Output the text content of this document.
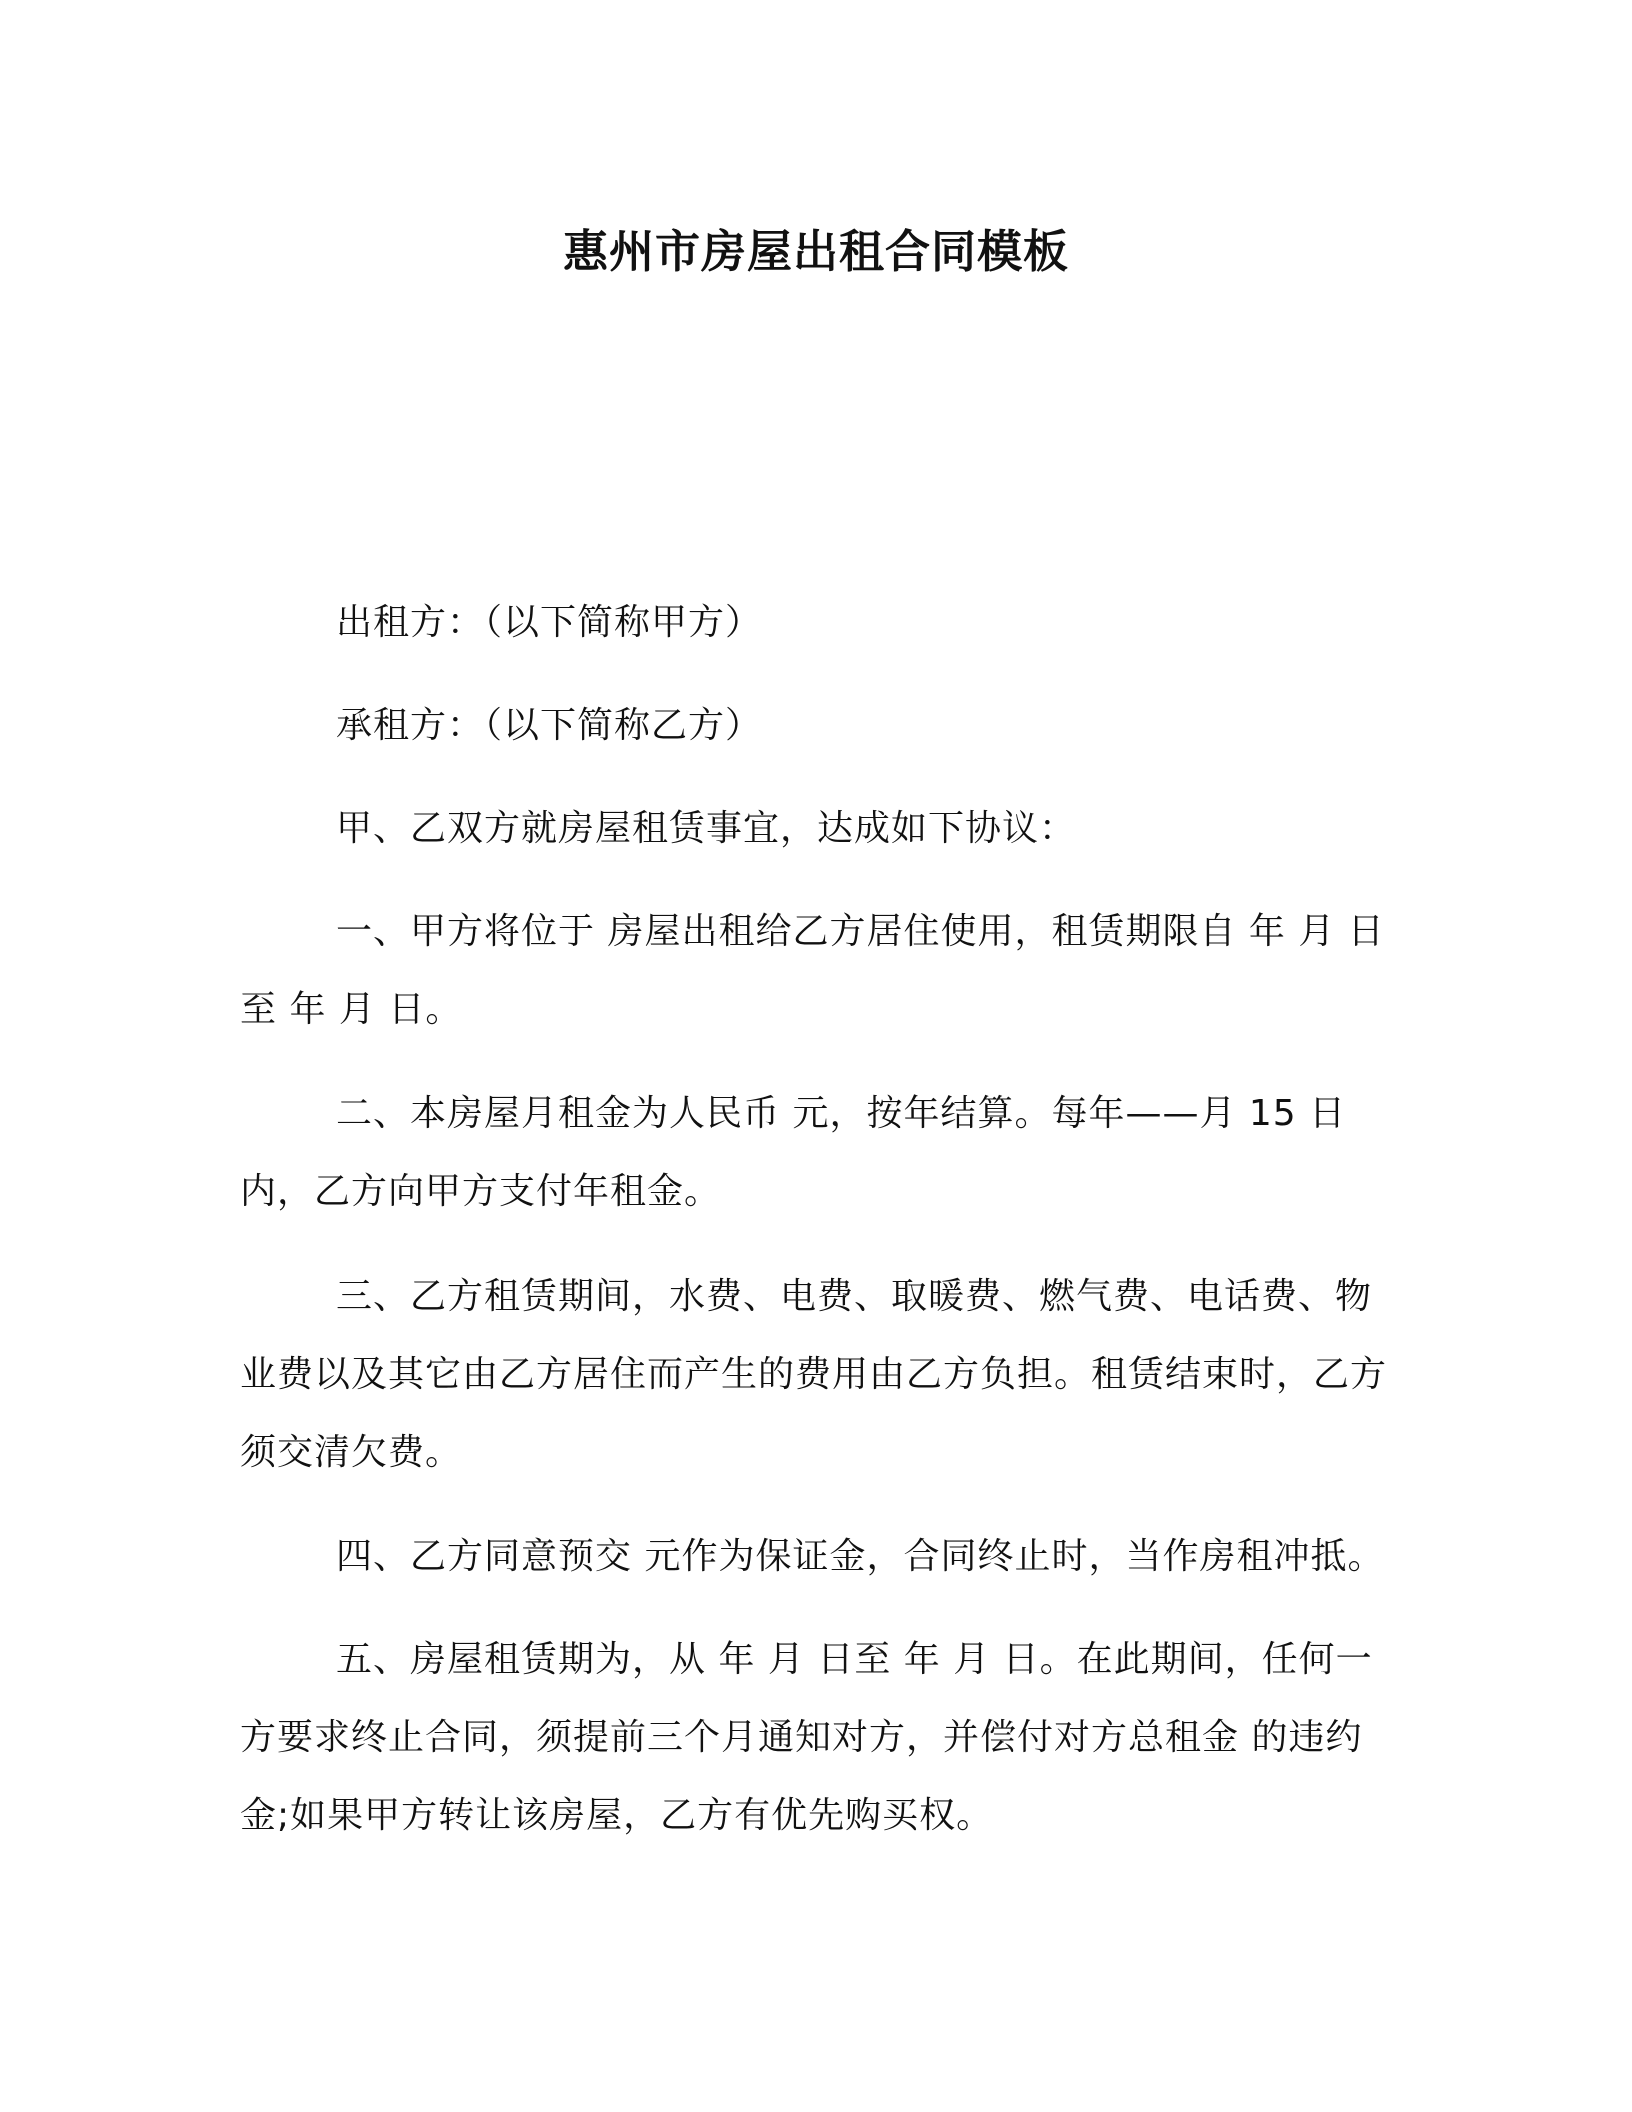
惠州市房屋出租合同模板

出租方：（以下简称甲方）

承租方：（以下简称乙方）

甲、乙双方就房屋租赁事宜，达成如下协议：

一、甲方将位于 房屋出租给乙方居住使用，租赁期限自 年 月 日至 年 月 日。

二、本房屋月租金为人民币 元，按年结算。每年——月 15 日内，乙方向甲方支付年租金。

三、乙方租赁期间，水费、电费、取暖费、燃气费、电话费、物业费以及其它由乙方居住而产生的费用由乙方负担。租赁结束时，乙方须交清欠费。

四、乙方同意预交 元作为保证金，合同终止时，当作房租冲抵。

五、房屋租赁期为，从 年 月 日至 年 月 日。在此期间，任何一方要求终止合同，须提前三个月通知对方，并偿付对方总租金 的违约金;如果甲方转让该房屋，乙方有优先购买权。
